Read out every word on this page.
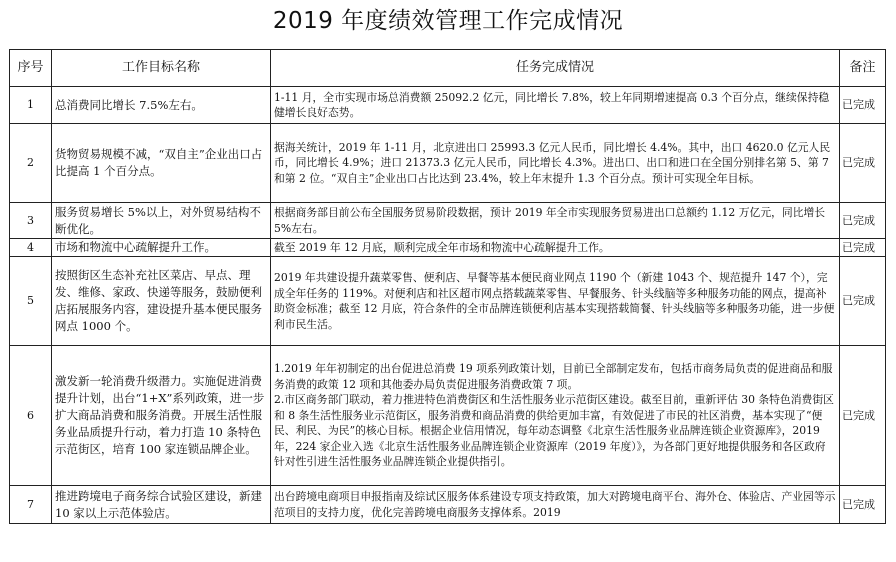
2019 年度绩效管理工作完成情况
序号	工作目标名称	任务完成情况	备注
1	总消费同比增长 7.5%左右。	1-11 月，全市实现市场总消费额 25092.2 亿元，同比增长 7.8%，较上年同期增速提高 0.3 个百分点，继续保持稳健增长良好态势。	已完成
2	货物贸易规模不减，“双自主”企业出口占比提高 1 个百分点。	据海关统计，2019 年 1-11 月，北京进出口 25993.3 亿元人民币，同比增长 4.4%。其中，出口 4620.0 亿元人民币，同比增长 4.9%；进口 21373.3 亿元人民币，同比增长 4.3%。进出口、出口和进口在全国分别排名第 5、第 7 和第 2 位。“双自主”企业出口占比达到 23.4%，较上年末提升 1.3 个百分点。预计可实现全年目标。	已完成
3	服务贸易增长 5%以上，对外贸易结构不断优化。	根据商务部目前公布全国服务贸易阶段数据，预计 2019 年全市实现服务贸易进出口总额约 1.12 万亿元，同比增长 5%左右。	已完成
4	市场和物流中心疏解提升工作。	截至 2019 年 12 月底，顺利完成全年市场和物流中心疏解提升工作。	已完成
5	按照街区生态补充社区菜店、早点、理发、维修、家政、快递等服务，鼓励便利店拓展服务内容，建设提升基本便民服务网点 1000 个。	2019 年共建设提升蔬菜零售、便利店、早餐等基本便民商业网点 1190 个（新建 1043 个、规范提升 147 个），完成全年任务的 119%。对便利店和社区超市网点搭载蔬菜零售、早餐服务、针头线脑等多种服务功能的网点，提高补助资金标准；截至 12 月底，符合条件的全市品牌连锁便利店基本实现搭载简餐、针头线脑等多种服务功能，进一步便利市民生活。	已完成
6	激发新一轮消费升级潜力。实施促进消费提升计划，出台“1+X”系列政策，进一步扩大商品消费和服务消费。开展生活性服务业品质提升行动，着力打造 10 条特色示范街区，培育 100 家连锁品牌企业。	1.2019 年年初制定的出台促进总消费 19 项系列政策计划，目前已全部制定发布，包括市商务局负责的促进商品和服务消费的政策 12 项和其他委办局负责促进服务消费政策 7 项。
2.市区商务部门联动，着力推进特色消费街区和生活性服务业示范街区建设。截至目前，重新评估 30 条特色消费街区和 8 条生活性服务业示范街区，服务消费和商品消费的供给更加丰富，有效促进了市民的社区消费，基本实现了“便民、利民、为民”的核心目标。根据企业信用情况，每年动态调整《北京生活性服务业品牌连锁企业资源库》，2019 年，224 家企业入选《北京生活性服务业品牌连锁企业资源库（2019 年度）》，为各部门更好地提供服务和各区政府针对性引进生活性服务业品牌连锁企业提供指引。	已完成
7	推进跨境电子商务综合试验区建设，新建 10 家以上示范体验店。	出台跨境电商项目申报指南及综试区服务体系建设专项支持政策，加大对跨境电商平台、海外仓、体验店、产业园等示范项目的支持力度，优化完善跨境电商服务支撑体系。2019	已完成
